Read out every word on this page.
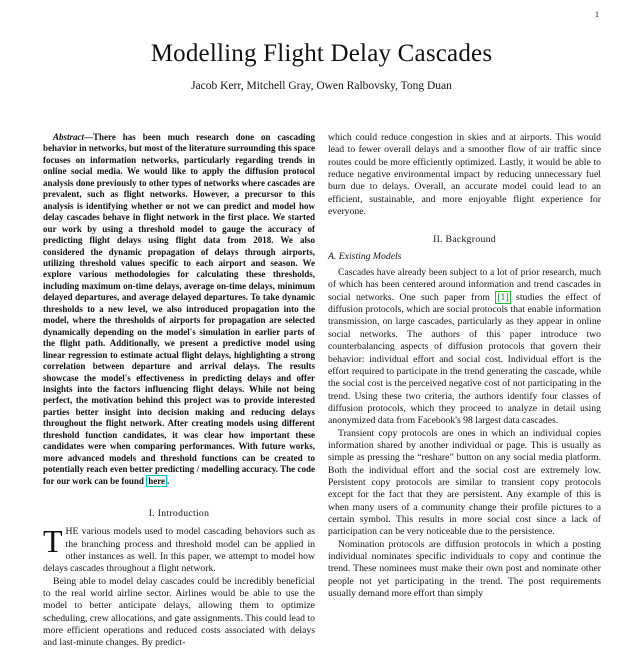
1
Modelling Flight Delay Cascades
Jacob Kerr, Mitchell Gray, Owen Ralbovsky, Tong Duan

Abstract—There has been much research done on cascading behavior in networks, but most of the literature surrounding this space focuses on information networks, particularly regarding trends in online social media. We would like to apply the diffusion protocol analysis done previously to other types of networks where cascades are prevalent, such as flight networks. However, a precursor to this analysis is identifying whether or not we can predict and model how delay cascades behave in flight network in the first place. We started our work by using a threshold model to gauge the accuracy of predicting flight delays using flight data from 2018. We also considered the dynamic propagation of delays through airports, utilizing threshold values specific to each airport and season. We explore various methodologies for calculating these thresholds, including maximum on-time delays, average on-time delays, minimum delayed departures, and average delayed departures. To take dynamic thresholds to a new level, we also introduced propagation into the model, where the thresholds of airports for propagation are selected dynamically depending on the model's simulation in earlier parts of the flight path. Additionally, we present a predictive model using linear regression to estimate actual flight delays, highlighting a strong correlation between departure and arrival delays. The results showcase the model's effectiveness in predicting delays and offer insights into the factors influencing flight delays. While not being perfect, the motivation behind this project was to provide interested parties better insight into decision making and reducing delays throughout the flight network. After creating models using different threshold function candidates, it was clear how important these candidates were when comparing performances. With future works, more advanced models and threshold functions can be created to potentially reach even better predicting / modelling accuracy. The code for our work can be found here .

I. Introduction

THE various models used to model cascading behaviors such as the branching process and threshold model can be applied in other instances as well. In this paper, we attempt to model how delays cascades throughout a flight network.

Being able to model delay cascades could be incredibly beneficial to the real world airline sector. Airlines would be able to use the model to better anticipate delays, allowing them to optimize scheduling, crew allocations, and gate assignments. This could lead to more efficient operations and reduced costs associated with delays and last-minute changes. By predict-

which could reduce congestion in skies and at airports. This would lead to fewer overall delays and a smoother flow of air traffic since routes could be more efficiently optimized. Lastly, it would be able to reduce negative environmental impact by reducing unnecessary fuel burn due to delays. Overall, an accurate model could lead to an efficient, sustainable, and more enjoyable flight experience for everyone.

II. Background

A. Existing Models

Cascades have already been subject to a lot of prior research, much of which has been centered around information and trend cascades in social networks. One such paper from [1] studies the effect of diffusion protocols, which are social protocols that enable information transmission, on large cascades, particularly as they appear in online social networks. The authors of this paper introduce two counterbalancing aspects of diffusion protocols that govern their behavior: individual effort and social cost. Individual effort is the effort required to participate in the trend generating the cascade, while the social cost is the perceived negative cost of not participating in the trend. Using these two criteria, the authors identify four classes of diffusion protocols, which they proceed to analyze in detail using anonymized data from Facebook's 98 largest data cascades.

Transient copy protocols are ones in which an individual copies information shared by another individual or page. This is usually as simple as pressing the “reshare” button on any social media platform. Both the individual effort and the social cost are extremely low. Persistent copy protocols are similar to transient copy protocols except for the fact that they are persistent. Any example of this is when many users of a community change their profile pictures to a certain symbol. This results in more social cost since a lack of participation can be very noticeable due to the persistence.

Nomination protocols are diffusion protocols in which a posting individual nominates specific individuals to copy and continue the trend. These nominees must make their own post and nominate other people not yet participating in the trend. The post requirements usually demand more effort than simply
